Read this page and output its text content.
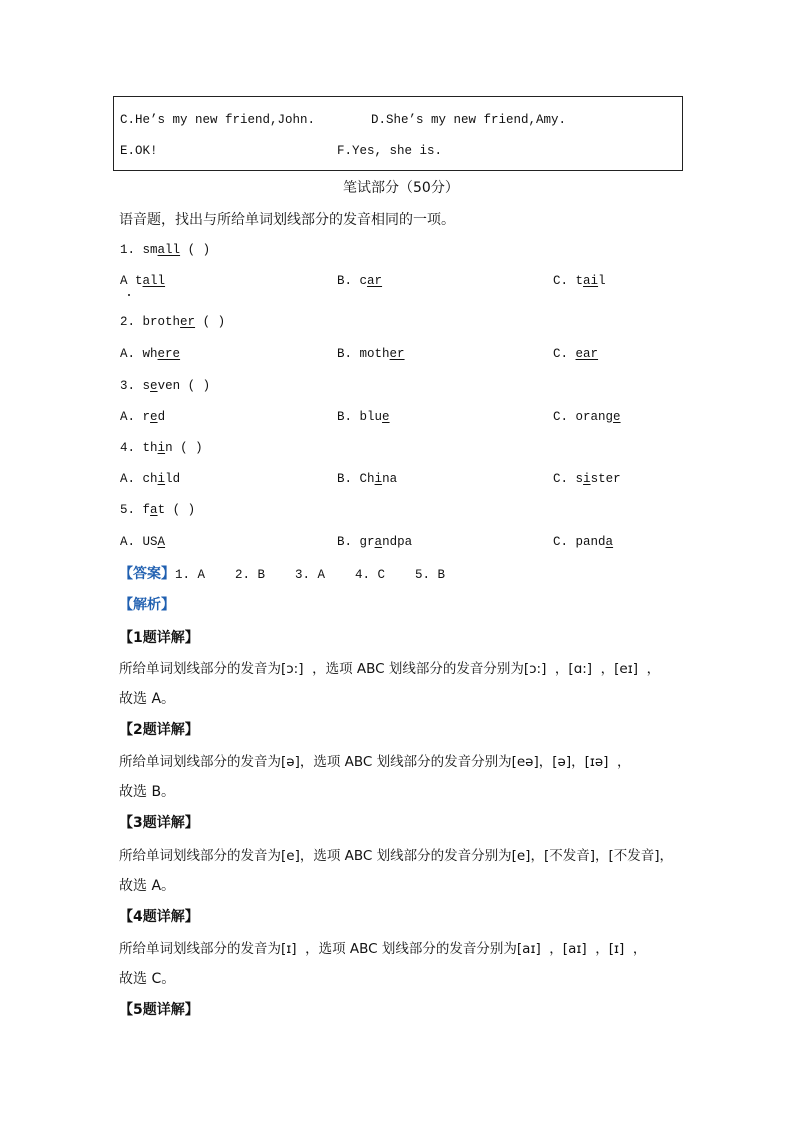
C.He’s my new friend,John.	D.She’s my new friend,Amy.
E.OK!	F.Yes, she is.
笔试部分（50分）
语音题，找出与所给单词划线部分的发音相同的一项。
1. small ( )
A tall	B. car	C. tail
2. brother ( )
A. where	B. mother	C. ear
3. seven ( )
A. red	B. blue	C. orange
4. thin ( )
A. child	B. China	C. sister
5. fat ( )
A. USA	B. grandpa	C. panda
【答案】1. A    2. B    3. A    4. C    5. B
【解析】
【1题详解】
所给单词划线部分的发音为[ɔ:]  ，选项 ABC 划线部分的发音分别为[ɔ:]  ，[ɑ:]  ，[eɪ]  ，
故选 A。
【2题详解】
所给单词划线部分的发音为[ə]，选项 ABC 划线部分的发音分别为[eə]，[ə]，[ɪə]  ，
故选 B。
【3题详解】
所给单词划线部分的发音为[e]，选项 ABC 划线部分的发音分别为[e]，[不发音]，[不发音]，
故选 A。
【4题详解】
所给单词划线部分的发音为[ɪ]  ，选项 ABC 划线部分的发音分别为[aɪ]  ，[aɪ]  ，[ɪ]  ，
故选 C。
【5题详解】
